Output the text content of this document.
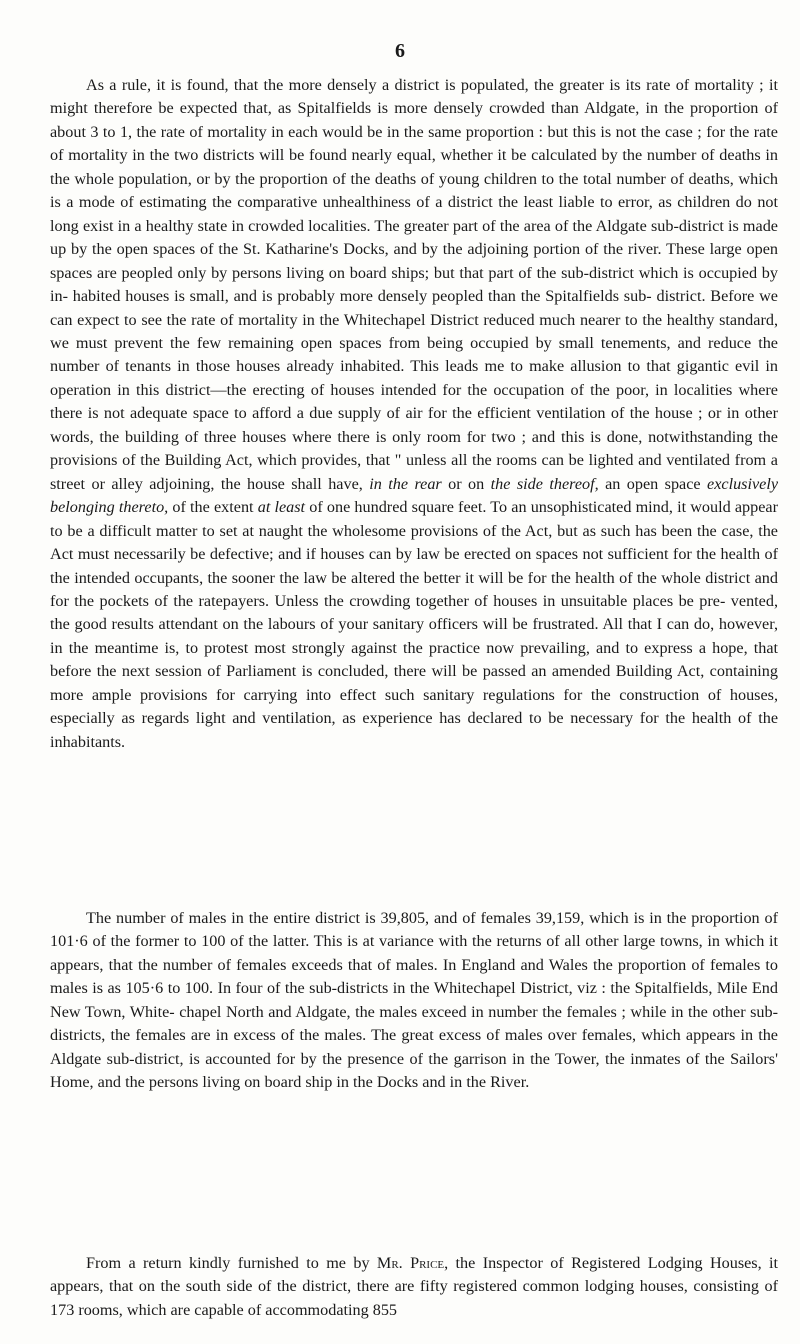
6

As a rule, it is found, that the more densely a district is populated, the greater is its rate of mortality ; it might therefore be expected that, as Spitalfields is more densely crowded than Aldgate, in the proportion of about 3 to 1, the rate of mortality in each would be in the same proportion : but this is not the case ; for the rate of mortality in the two districts will be found nearly equal, whether it be calculated by the number of deaths in the whole population, or by the proportion of the deaths of young children to the total number of deaths, which is a mode of estimating the comparative unhealthiness of a district the least liable to error, as children do not long exist in a healthy state in crowded localities. The greater part of the area of the Aldgate sub-district is made up by the open spaces of the St. Katharine's Docks, and by the adjoining portion of the river. These large open spaces are peopled only by persons living on board ships; but that part of the sub-district which is occupied by in- habited houses is small, and is probably more densely peopled than the Spitalfields sub- district. Before we can expect to see the rate of mortality in the Whitechapel District reduced much nearer to the healthy standard, we must prevent the few remaining open spaces from being occupied by small tenements, and reduce the number of tenants in those houses already inhabited. This leads me to make allusion to that gigantic evil in operation in this district—the erecting of houses intended for the occupation of the poor, in localities where there is not adequate space to afford a due supply of air for the efficient ventilation of the house ; or in other words, the building of three houses where there is only room for two ; and this is done, notwithstanding the provisions of the Building Act, which provides, that " unless all the rooms can be lighted and ventilated from a street or alley adjoining, the house shall have, in the rear or on the side thereof, an open space exclusively belonging thereto, of the extent at least of one hundred square feet. To an unsophisticated mind, it would appear to be a difficult matter to set at naught the wholesome provisions of the Act, but as such has been the case, the Act must necessarily be defective; and if houses can by law be erected on spaces not sufficient for the health of the intended occupants, the sooner the law be altered the better it will be for the health of the whole district and for the pockets of the ratepayers. Unless the crowding together of houses in unsuitable places be pre- vented, the good results attendant on the labours of your sanitary officers will be frustrated. All that I can do, however, in the meantime is, to protest most strongly against the practice now prevailing, and to express a hope, that before the next session of Parliament is concluded, there will be passed an amended Building Act, containing more ample provisions for carrying into effect such sanitary regulations for the construction of houses, especially as regards light and ventilation, as experience has declared to be necessary for the health of the inhabitants.

The number of males in the entire district is 39,805, and of females 39,159, which is in the proportion of 101·6 of the former to 100 of the latter. This is at variance with the returns of all other large towns, in which it appears, that the number of females exceeds that of males. In England and Wales the proportion of females to males is as 105·6 to 100. In four of the sub-districts in the Whitechapel District, viz : the Spitalfields, Mile End New Town, White- chapel North and Aldgate, the males exceed in number the females ; while in the other sub-districts, the females are in excess of the males. The great excess of males over females, which appears in the Aldgate sub-district, is accounted for by the presence of the garrison in the Tower, the inmates of the Sailors' Home, and the persons living on board ship in the Docks and in the River.

From a return kindly furnished to me by Mr. Price, the Inspector of Registered Lodging Houses, it appears, that on the south side of the district, there are fifty registered common lodging houses, consisting of 173 rooms, which are capable of accommodating 855
